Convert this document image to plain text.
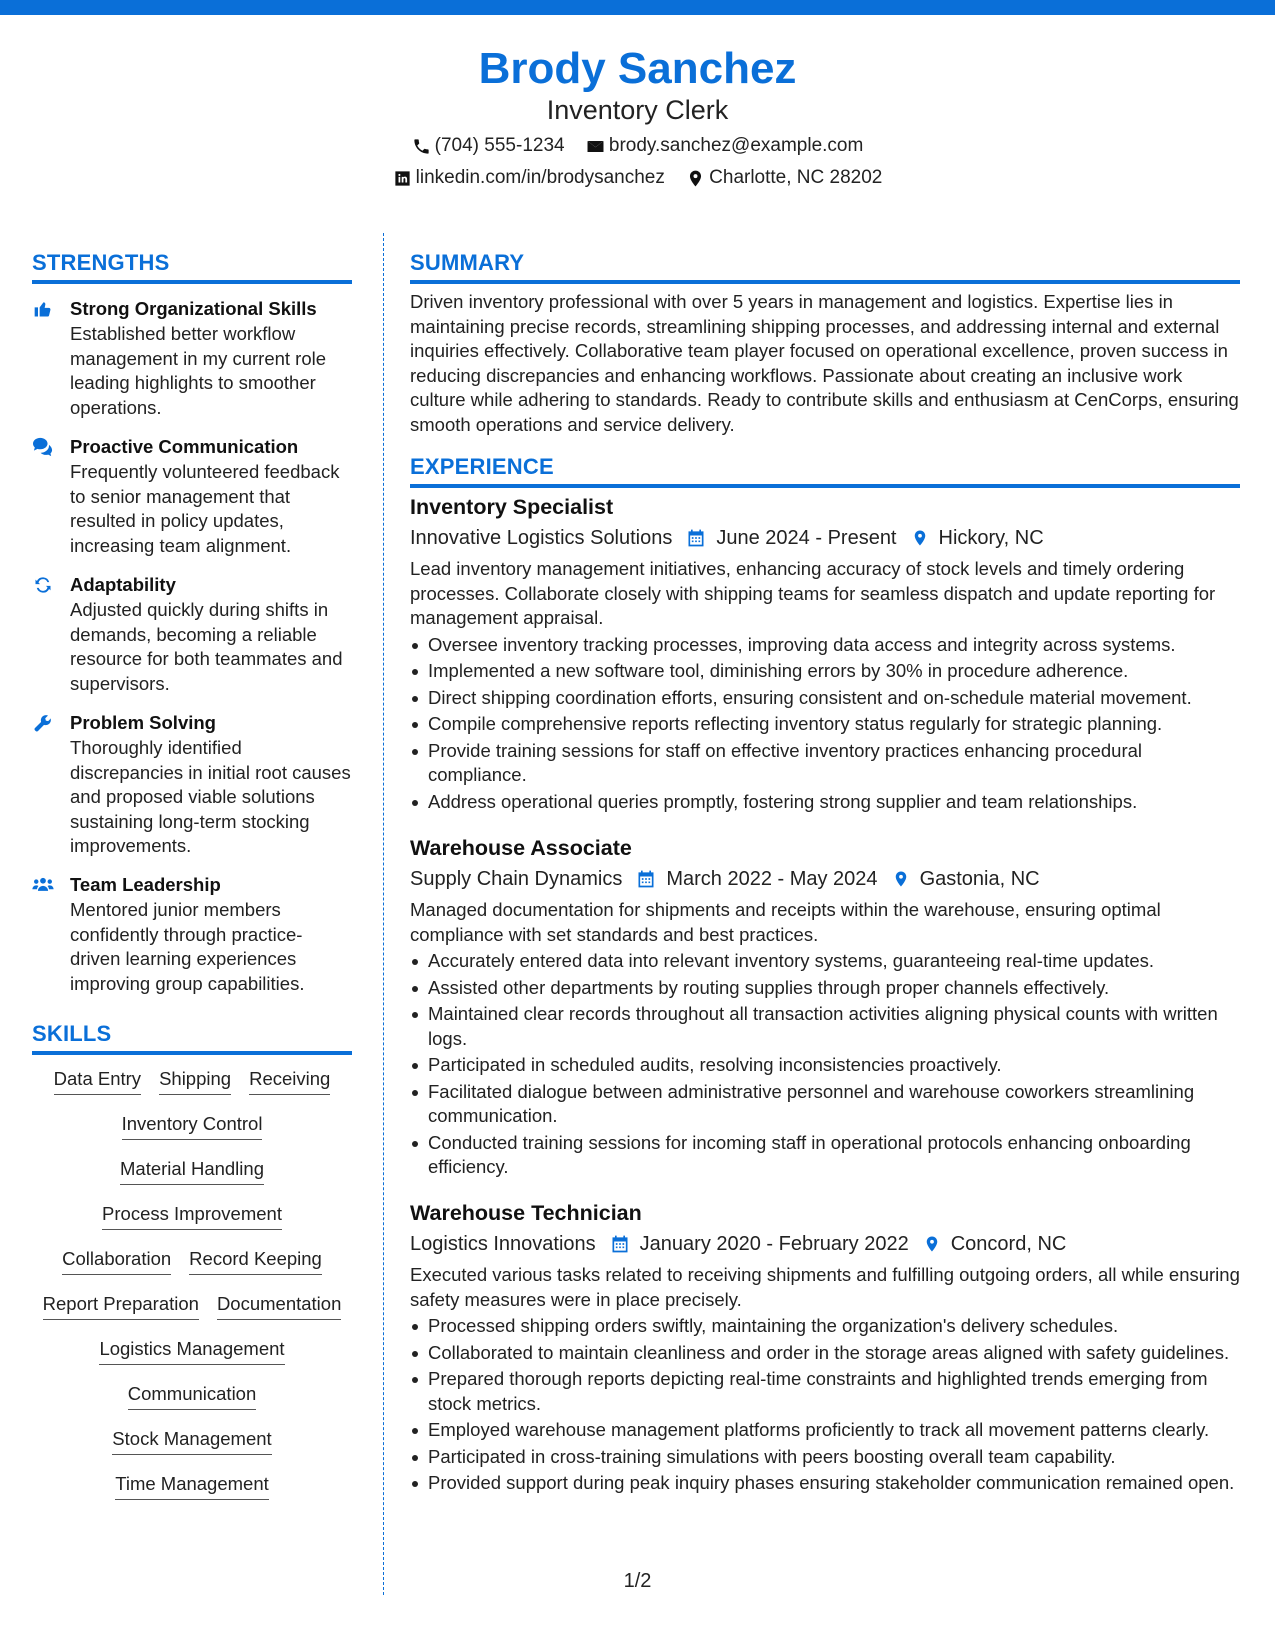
Brody Sanchez
Inventory Clerk
(704) 555-1234
brody.sanchez@example.com
linkedin.com/in/brodysanchez
Charlotte, NC 28202
STRENGTHS
Strong Organizational Skills
Established better workflow management in my current role leading highlights to smoother operations.
Proactive Communication
Frequently volunteered feedback to senior management that resulted in policy updates, increasing team alignment.
Adaptability
Adjusted quickly during shifts in demands, becoming a reliable resource for both teammates and supervisors.
Problem Solving
Thoroughly identified discrepancies in initial root causes and proposed viable solutions sustaining long-term stocking improvements.
Team Leadership
Mentored junior members confidently through practice-driven learning experiences improving group capabilities.
SKILLS
Data Entry Shipping Receiving
Inventory Control
Material Handling
Process Improvement
Collaboration Record Keeping
Report Preparation Documentation
Logistics Management
Communication
Stock Management
Time Management
SUMMARY
Driven inventory professional with over 5 years in management and logistics. Expertise lies in maintaining precise records, streamlining shipping processes, and addressing internal and external inquiries effectively. Collaborative team player focused on operational excellence, proven success in reducing discrepancies and enhancing workflows. Passionate about creating an inclusive work culture while adhering to standards. Ready to contribute skills and enthusiasm at CenCorps, ensuring smooth operations and service delivery.
EXPERIENCE
Inventory Specialist
Innovative Logistics Solutions June 2024 - Present Hickory, NC
Lead inventory management initiatives, enhancing accuracy of stock levels and timely ordering processes. Collaborate closely with shipping teams for seamless dispatch and update reporting for management appraisal.
Oversee inventory tracking processes, improving data access and integrity across systems.
Implemented a new software tool, diminishing errors by 30% in procedure adherence.
Direct shipping coordination efforts, ensuring consistent and on-schedule material movement.
Compile comprehensive reports reflecting inventory status regularly for strategic planning.
Provide training sessions for staff on effective inventory practices enhancing procedural compliance.
Address operational queries promptly, fostering strong supplier and team relationships.
Warehouse Associate
Supply Chain Dynamics March 2022 - May 2024 Gastonia, NC
Managed documentation for shipments and receipts within the warehouse, ensuring optimal compliance with set standards and best practices.
Accurately entered data into relevant inventory systems, guaranteeing real-time updates.
Assisted other departments by routing supplies through proper channels effectively.
Maintained clear records throughout all transaction activities aligning physical counts with written logs.
Participated in scheduled audits, resolving inconsistencies proactively.
Facilitated dialogue between administrative personnel and warehouse coworkers streamlining communication.
Conducted training sessions for incoming staff in operational protocols enhancing onboarding efficiency.
Warehouse Technician
Logistics Innovations January 2020 - February 2022 Concord, NC
Executed various tasks related to receiving shipments and fulfilling outgoing orders, all while ensuring safety measures were in place precisely.
Processed shipping orders swiftly, maintaining the organization's delivery schedules.
Collaborated to maintain cleanliness and order in the storage areas aligned with safety guidelines.
Prepared thorough reports depicting real-time constraints and highlighted trends emerging from stock metrics.
Employed warehouse management platforms proficiently to track all movement patterns clearly.
Participated in cross-training simulations with peers boosting overall team capability.
Provided support during peak inquiry phases ensuring stakeholder communication remained open.
1/2
